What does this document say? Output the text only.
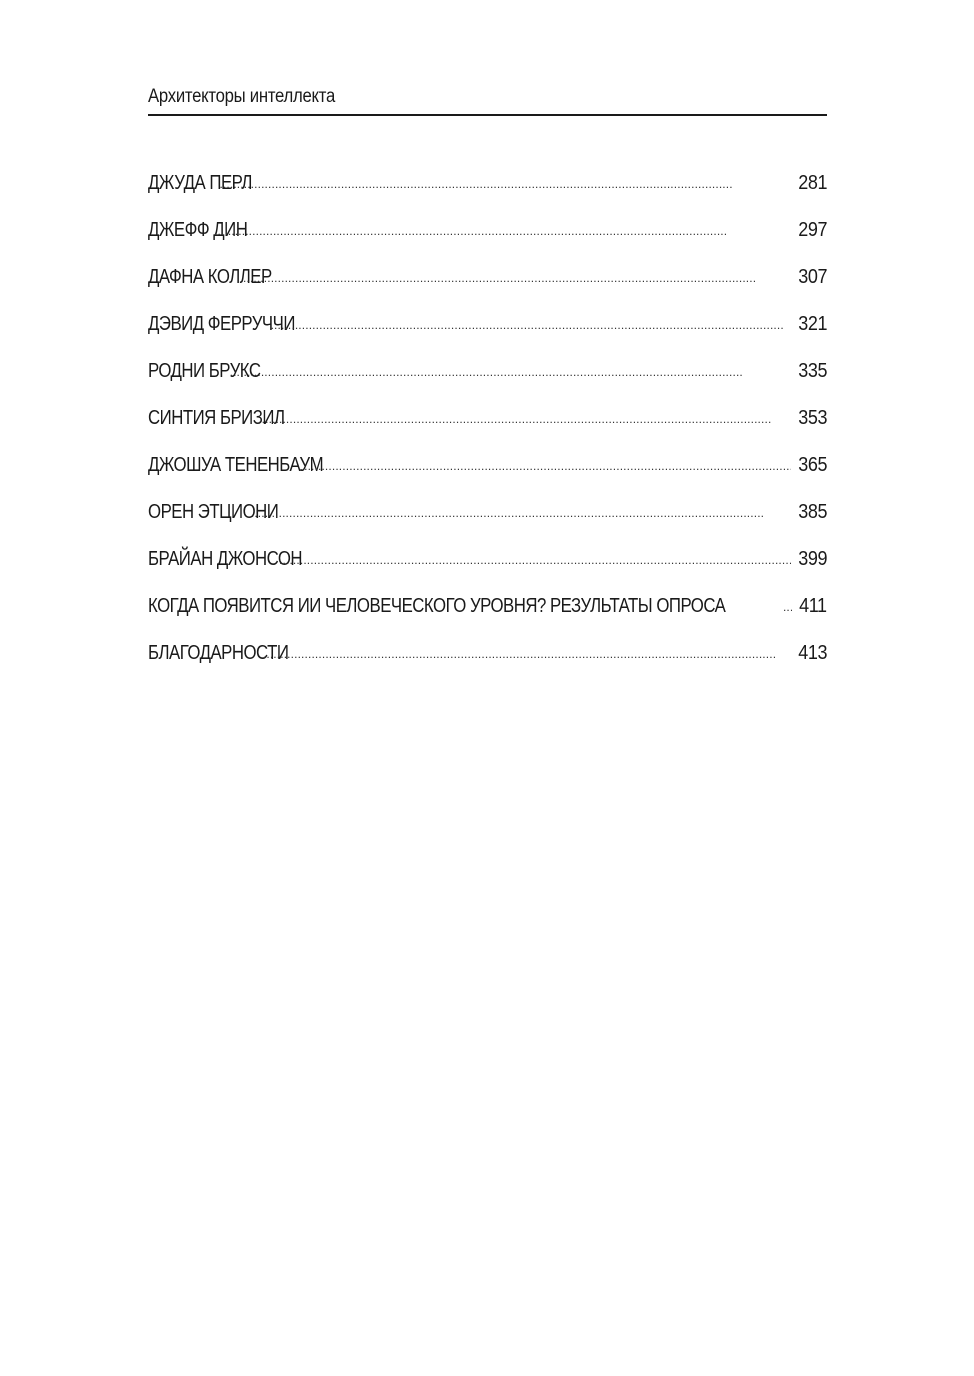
Архитекторы интеллекта
ДЖУДА ПЕРЛ . . .	281
ДЖЕФФ ДИН . . .	297
ДАФНА КОЛЛЕР . . .	307
ДЭВИД ФЕРРУЧЧИ . . .	321
РОДНИ БРУКС . . .	335
СИНТИЯ БРИЗИЛ . . .	353
ДЖОШУА ТЕНЕНБАУМ . . .	365
ОРЕН ЭТЦИОНИ . . .	385
БРАЙАН ДЖОНСОН . . .	399
КОГДА ПОЯВИТСЯ ИИ ЧЕЛОВЕЧЕСКОГО УРОВНЯ? РЕЗУЛЬТАТЫ ОПРОСА . . .	411
БЛАГОДАРНОСТИ . . .	413
